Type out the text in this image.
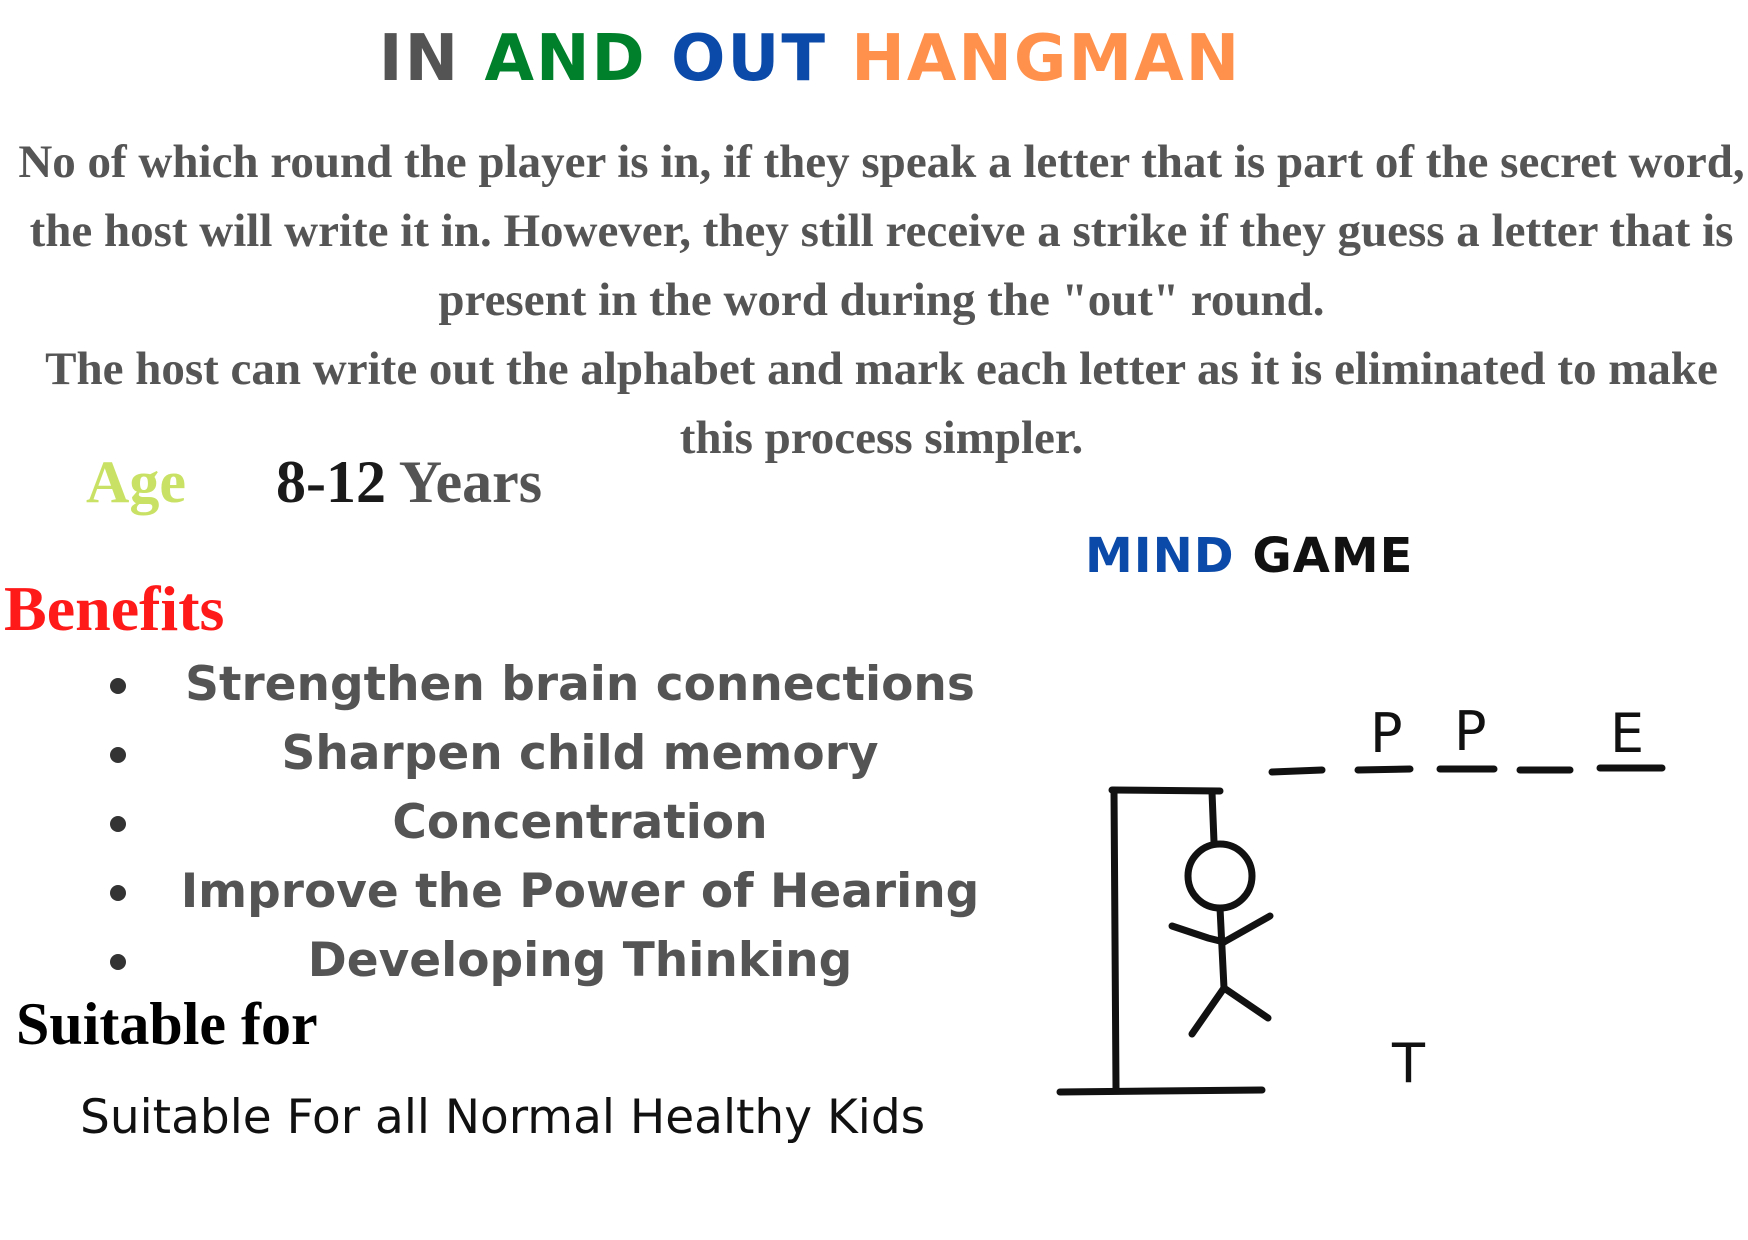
IN AND OUT HANGMAN
No of which round the player is in, if they speak a letter that is part of the secret word, the host will write it in. However, they still receive a strike if they guess a letter that is present in the word during the "out" round.
The host can write out the alphabet and mark each letter as it is eliminated to make this process simpler.
Age 8-12 Years
Benefits
Strengthen brain connections
Sharpen child memory
Concentration
Improve the Power of Hearing
Developing Thinking
Suitable for
Suitable For all Normal Healthy Kids
MIND GAME
P P E
T
